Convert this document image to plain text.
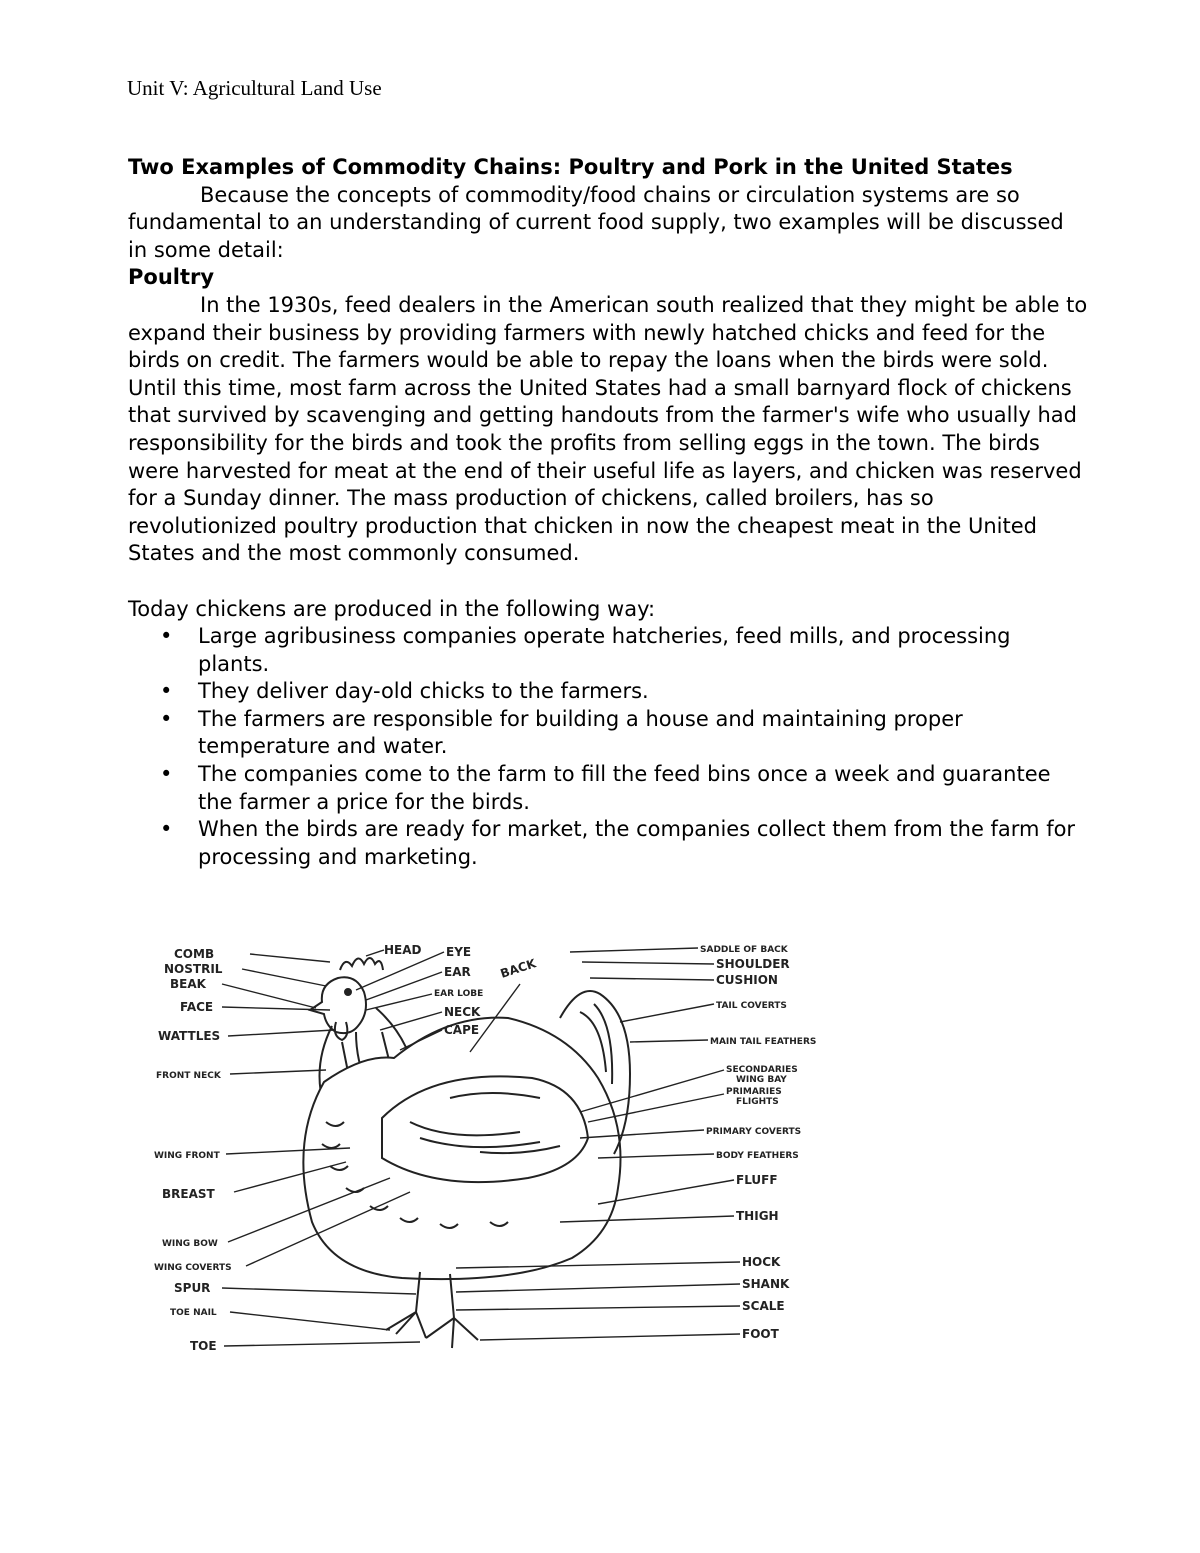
Unit V: Agricultural Land Use

Two Examples of Commodity Chains: Poultry and Pork in the United States

Because the concepts of commodity/food chains or circulation systems are so fundamental to an understanding of current food supply, two examples will be discussed in some detail:

Poultry

In the 1930s, feed dealers in the American south realized that they might be able to expand their business by providing farmers with newly hatched chicks and feed for the birds on credit. The farmers would be able to repay the loans when the birds were sold. Until this time, most farm across the United States had a small barnyard flock of chickens that survived by scavenging and getting handouts from the farmer's wife who usually had responsibility for the birds and took the profits from selling eggs in the town. The birds were harvested for meat at the end of their useful life as layers, and chicken was reserved for a Sunday dinner. The mass production of chickens, called broilers, has so revolutionized poultry production that chicken in now the cheapest meat in the United States and the most commonly consumed.

Today chickens are produced in the following way:

• Large agribusiness companies operate hatcheries, feed mills, and processing plants.
• They deliver day-old chicks to the farmers.
• The farmers are responsible for building a house and maintaining proper temperature and water.
• The companies come to the farm to fill the feed bins once a week and guarantee the farmer a price for the birds.
• When the birds are ready for market, the companies collect them from the farm for processing and marketing.
COMB
NOSTRIL
BEAK
FACE
WATTLES
FRONT NECK
WING FRONT
BREAST
WING BOW
WING COVERTS
SPUR
TOE NAIL
TOE
HEAD EYE
EAR
EAR LOBE
NECK
CAPE
BACK
SADDLE OF BACK
SHOULDER
CUSHION
TAIL COVERTS
MAIN TAIL FEATHERS
SECONDARIES
WING BAY
PRIMARIES
FLIGHTS
PRIMARY COVERTS
BODY FEATHERS
FLUFF
THIGH
HOCK
SHANK
SCALE
FOOT
